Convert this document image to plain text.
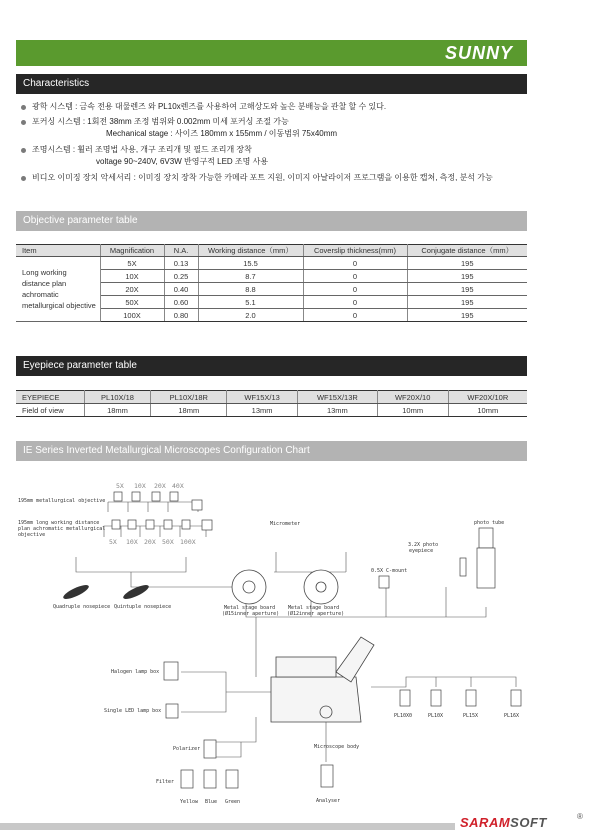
SUNNY
Characteristics
광학 시스템 : 금속 전용 대물렌즈 와 PL10x렌즈를 사용하여 고해상도와 높은 분배능을 관찰 할 수 있다.
포커싱 시스템 : 1회전 38mm 조정 범위와 0.002mm 미세 포커싱 조절 가능
Mechanical stage : 사이즈 180mm x 155mm / 이동범위 75x40mm
조명시스템 : 휠러 조명법 사용, 개구 조리개 및 필드 조리개 장착
voltage 90~240V, 6V3W 반영구적 LED 조명 사용
비디오 이미징 장치 악세서리 : 이미징 장치 장착 가능한 카메라 포트 지원, 이미지 아날라이저 프로그램을 이용한 캡쳐, 측정, 분석 가능
Objective parameter table
Item	Magnification	N.A.	Working distance（mm）	Coverslip thickness(mm)	Conjugate distance（mm）

Long working
distance plan
achromatic
metallurgical objective	5X	0.13	15.5	0	195
	10X	0.25	8.7	0	195
	20X	0.40	8.8	0	195
	50X	0.60	5.1	0	195
	100X	0.80	2.0	0	195
Eyepiece parameter table
EYEPIECE	PL10X/18	PL10X/18R	WF15X/13	WF15X/13R	WF20X/10	WF20X/10R
Field of view	18mm	18mm	13mm	13mm	10mm	10mm
IE Series Inverted Metallurgical Microscopes Configuration Chart
5X 10X 20X 40X
195mm metallurgical objective
195mm long working distance
plan achromatic metallurgical
objective
5X 10X 20X 50X 100X
Quadruple nosepiece Quintuple nosepiece
Micrometer
Metal stage board
(Ø15inner aperture)
Metal stage board
(Ø12inner aperture)
photo tube
3.2X photo
eyepiece
0.5X C-mount
Microscope body
Halogen lamp box
Single LED lamp box
Polarizer
Filter
Yellow Blue Green	Analyser
PL10X0	PL10X	PL15X	PL16X
SARAMSOFT	®
